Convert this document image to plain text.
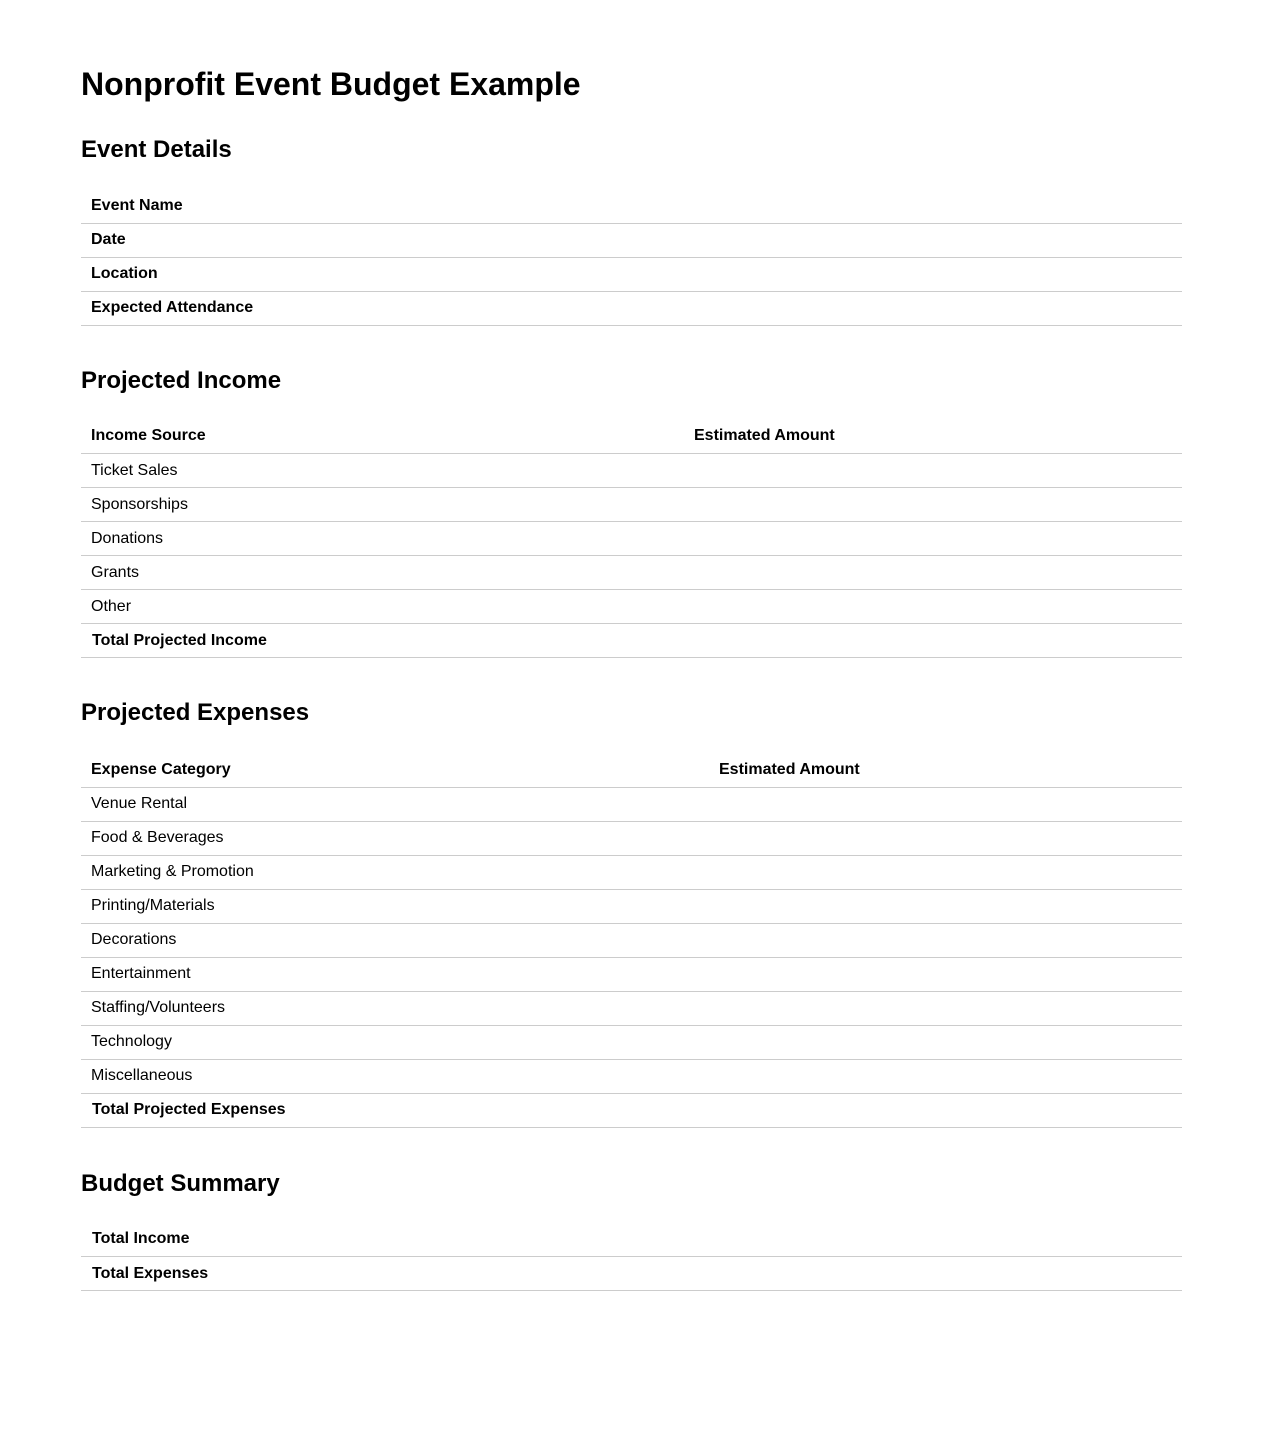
Nonprofit Event Budget Example
Event Details
Event Name	
Date	
Location	
Expected Attendance	
Projected Income
Income Source	Estimated Amount
Ticket Sales	
Sponsorships	
Donations	
Grants	
Other	
Total Projected Income	
Projected Expenses
Expense Category	Estimated Amount
Venue Rental	
Food & Beverages	
Marketing & Promotion	
Printing/Materials	
Decorations	
Entertainment	
Staffing/Volunteers	
Technology	
Miscellaneous	
Total Projected Expenses	
Budget Summary
Total Income	
Total Expenses	
